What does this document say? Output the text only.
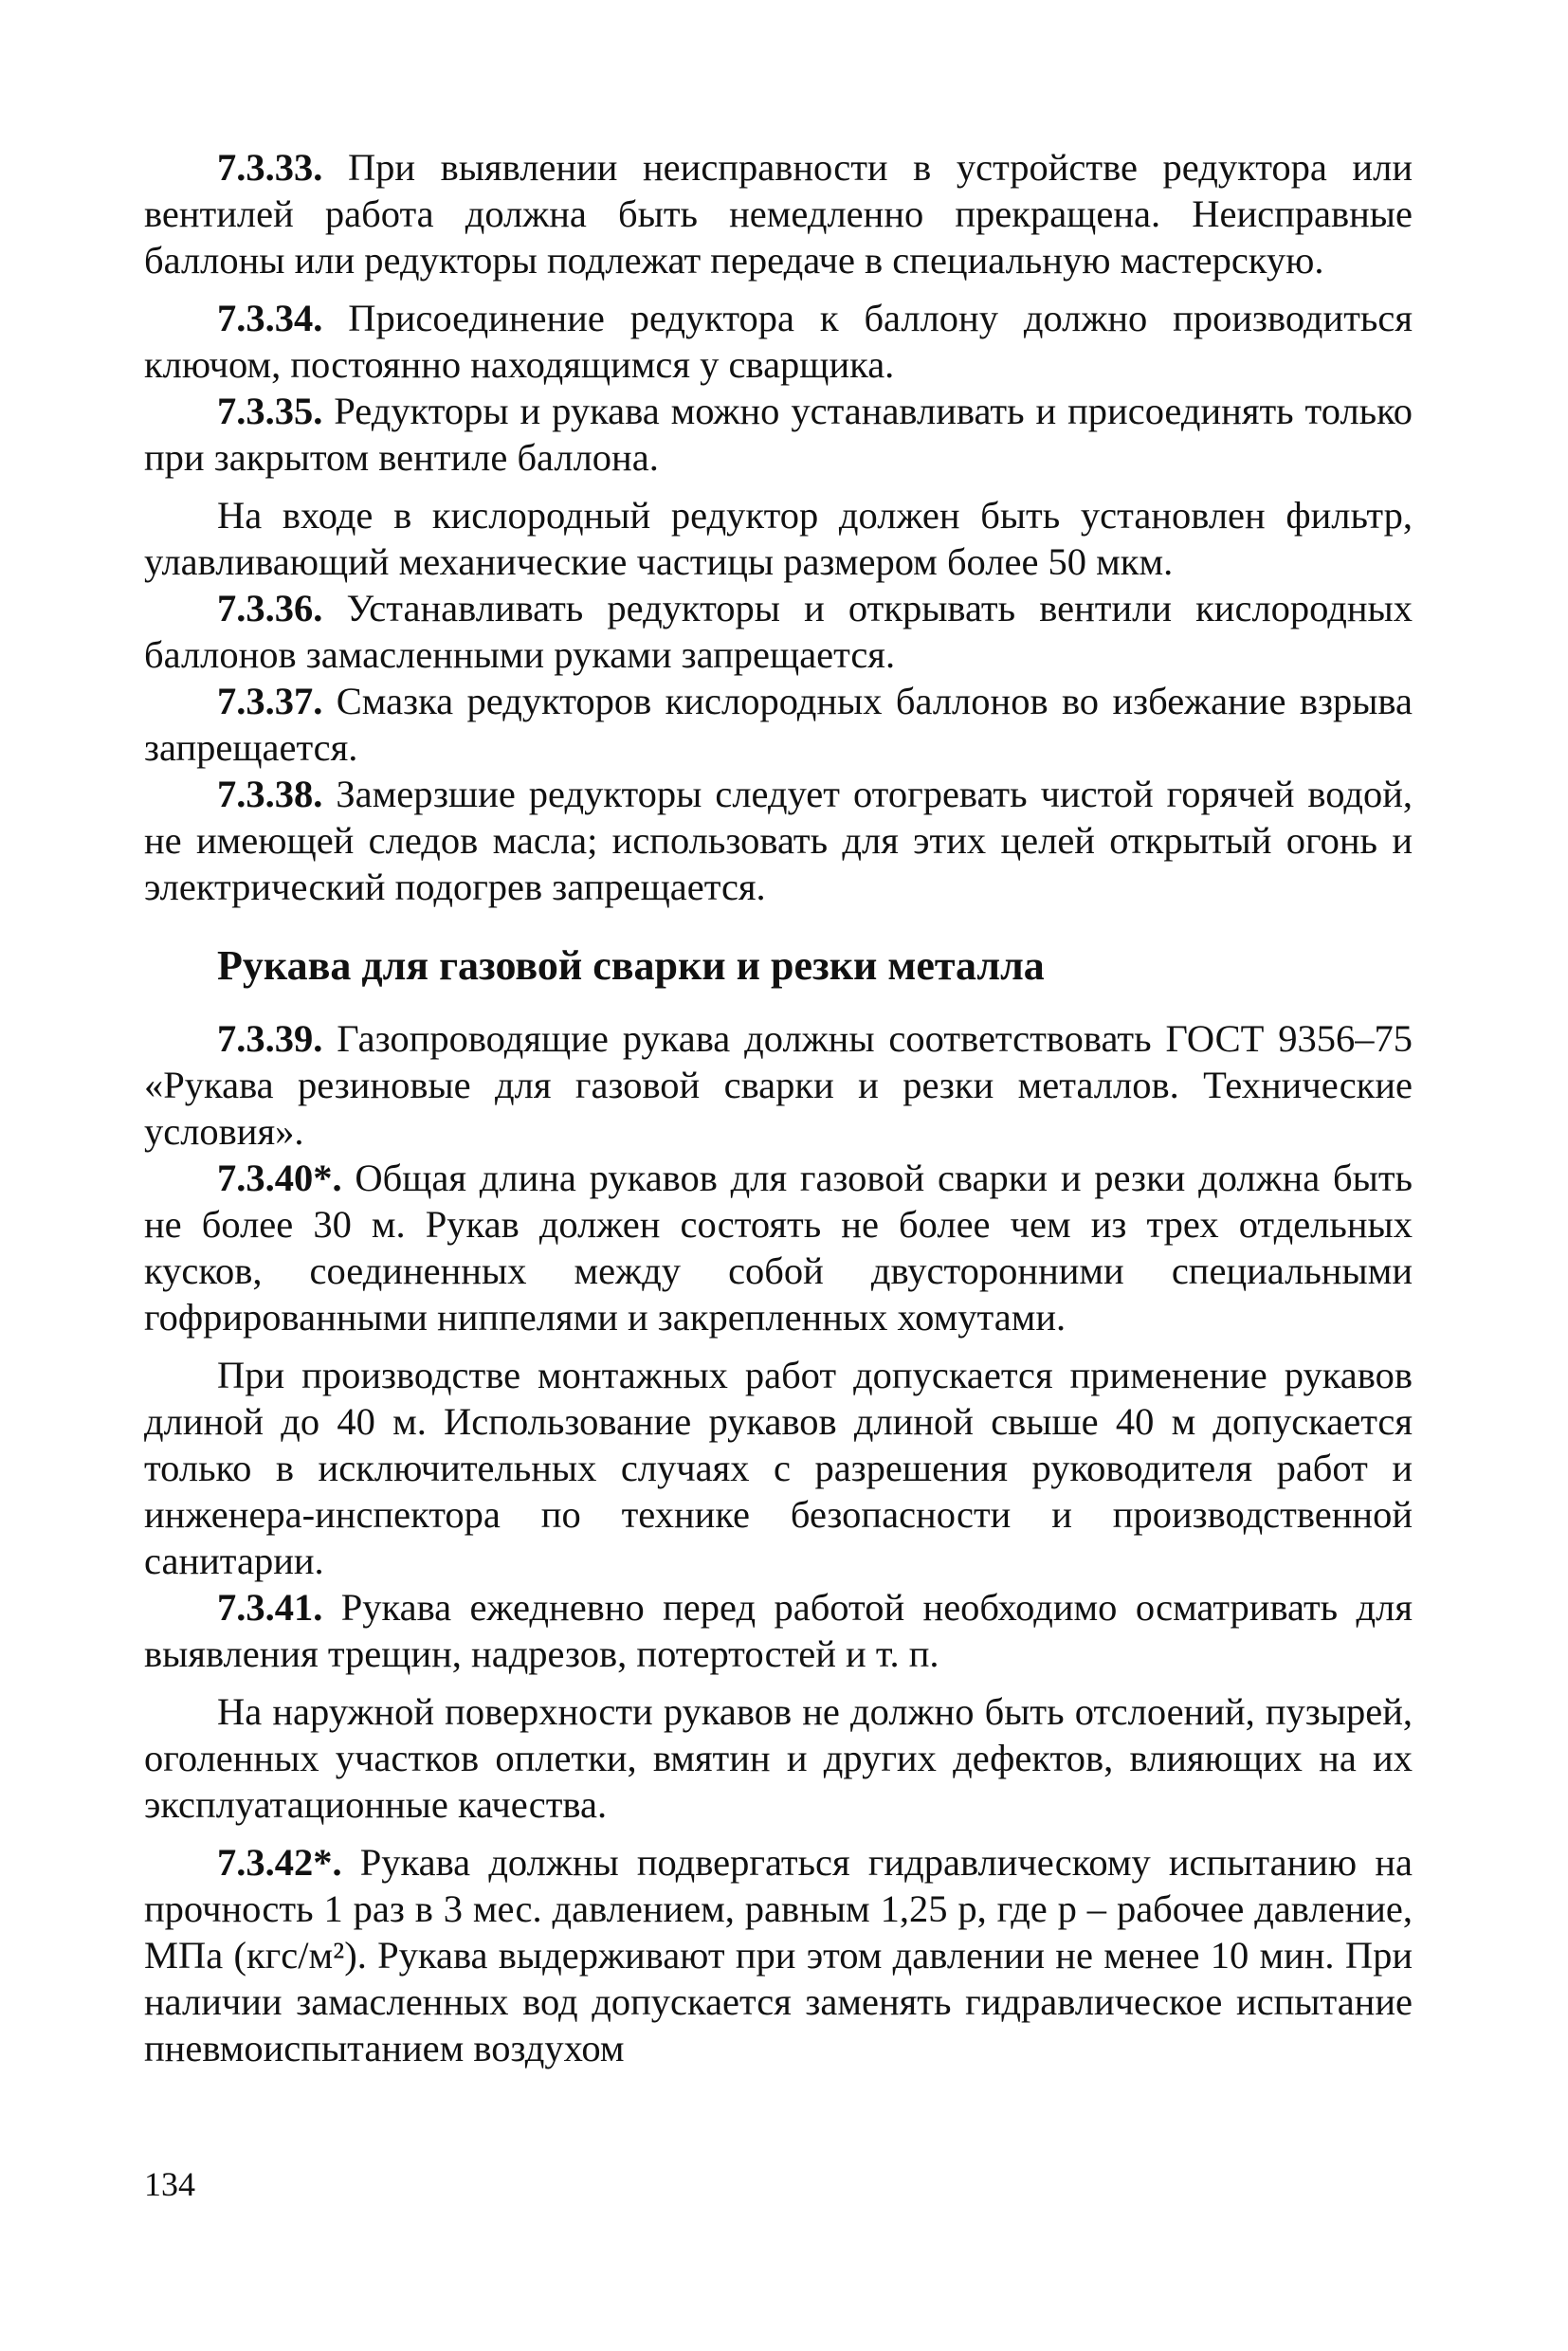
7.3.33. При выявлении неисправности в устройстве редуктора или вентилей работа должна быть немедленно прекращена. Неисправные баллоны или редукторы подлежат передаче в специальную мастерскую.

7.3.34. Присоединение редуктора к баллону должно производиться ключом, постоянно находящимся у сварщика.

7.3.35. Редукторы и рукава можно устанавливать и присоединять только при закрытом вентиле баллона.

На входе в кислородный редуктор должен быть установлен фильтр, улавливающий механические частицы размером более 50 мкм.

7.3.36. Устанавливать редукторы и открывать вентили кислородных баллонов замасленными руками запрещается.

7.3.37. Смазка редукторов кислородных баллонов во избежание взрыва запрещается.

7.3.38. Замерзшие редукторы следует отогревать чистой горячей водой, не имеющей следов масла; использовать для этих целей открытый огонь и электрический подогрев запрещается.

Рукава для газовой сварки и резки металла

7.3.39. Газопроводящие рукава должны соответствовать ГОСТ 9356–75 «Рукава резиновые для газовой сварки и резки металлов. Технические условия».

7.3.40*. Общая длина рукавов для газовой сварки и резки должна быть не более 30 м. Рукав должен состоять не более чем из трех отдельных кусков, соединенных между собой двусторонними специальными гофрированными ниппелями и закрепленных хомутами.

При производстве монтажных работ допускается применение рукавов длиной до 40 м. Использование рукавов длиной свыше 40 м допускается только в исключительных случаях с разрешения руководителя работ и инженера-инспектора по технике безопасности и производственной санитарии.

7.3.41. Рукава ежедневно перед работой необходимо осматривать для выявления трещин, надрезов, потертостей и т. п.

На наружной поверхности рукавов не должно быть отслоений, пузырей, оголенных участков оплетки, вмятин и других дефектов, влияющих на их эксплуатационные качества.

7.3.42*. Рукава должны подвергаться гидравлическому испытанию на прочность 1 раз в 3 мес. давлением, равным 1,25 p, где p – рабочее давление, МПа (кгс/м²). Рукава выдерживают при этом давлении не менее 10 мин. При наличии замасленных вод допускается заменять гидравлическое испытание пневмоиспытанием воздухом

134
